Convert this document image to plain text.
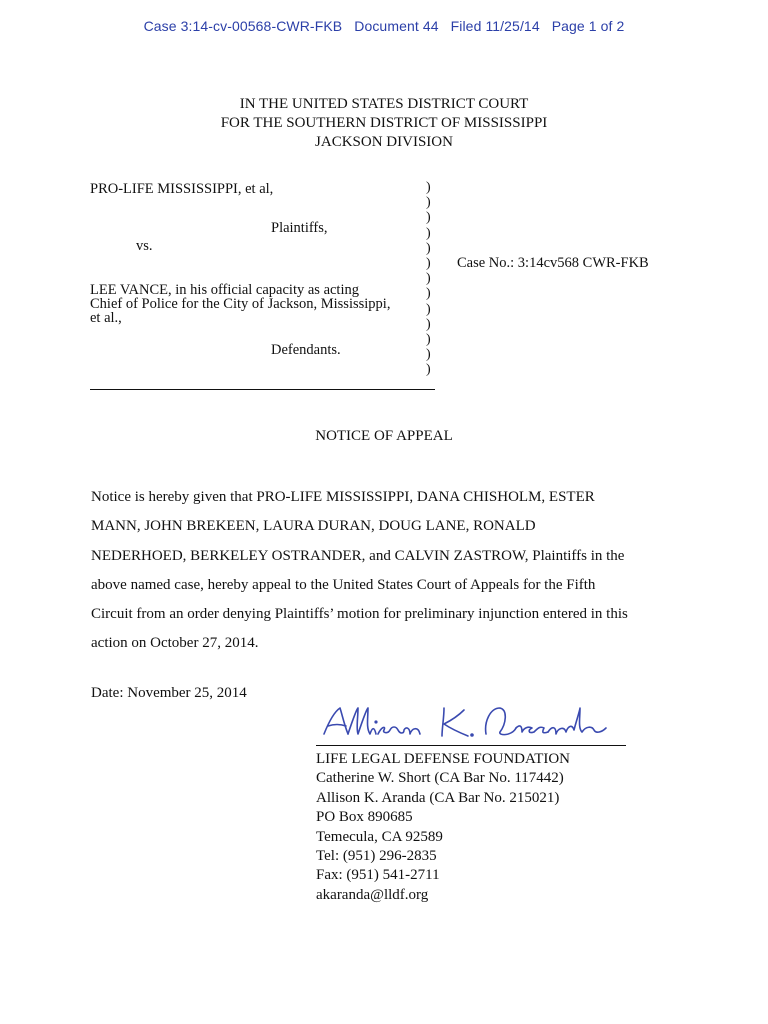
Case 3:14-cv-00568-CWR-FKB Document 44 Filed 11/25/14 Page 1 of 2
IN THE UNITED STATES DISTRICT COURT
FOR THE SOUTHERN DISTRICT OF MISSISSIPPI
JACKSON DIVISION
PRO-LIFE MISSISSIPPI, et al,
Plaintiffs,
vs.
LEE VANCE, in his official capacity as acting
Chief of Police for the City of Jackson, Mississippi,
et al.,
Defendants.
)
)
)
)
)
)
)
)
)
)
)
)
)
Case No.: 3:14cv568 CWR-FKB
NOTICE OF APPEAL
Notice is hereby given that PRO-LIFE MISSISSIPPI, DANA CHISHOLM, ESTER
MANN, JOHN BREKEEN, LAURA DURAN, DOUG LANE, RONALD
NEDERHOED, BERKELEY OSTRANDER, and CALVIN ZASTROW, Plaintiffs in the
above named case, hereby appeal to the United States Court of Appeals for the Fifth
Circuit from an order denying Plaintiffs’ motion for preliminary injunction entered in this
action on October 27, 2014.
Date: November 25, 2014
LIFE LEGAL DEFENSE FOUNDATION
Catherine W. Short (CA Bar No. 117442)
Allison K. Aranda (CA Bar No. 215021)
PO Box 890685
Temecula, CA 92589
Tel: (951) 296-2835
Fax: (951) 541-2711
akaranda@lldf.org
